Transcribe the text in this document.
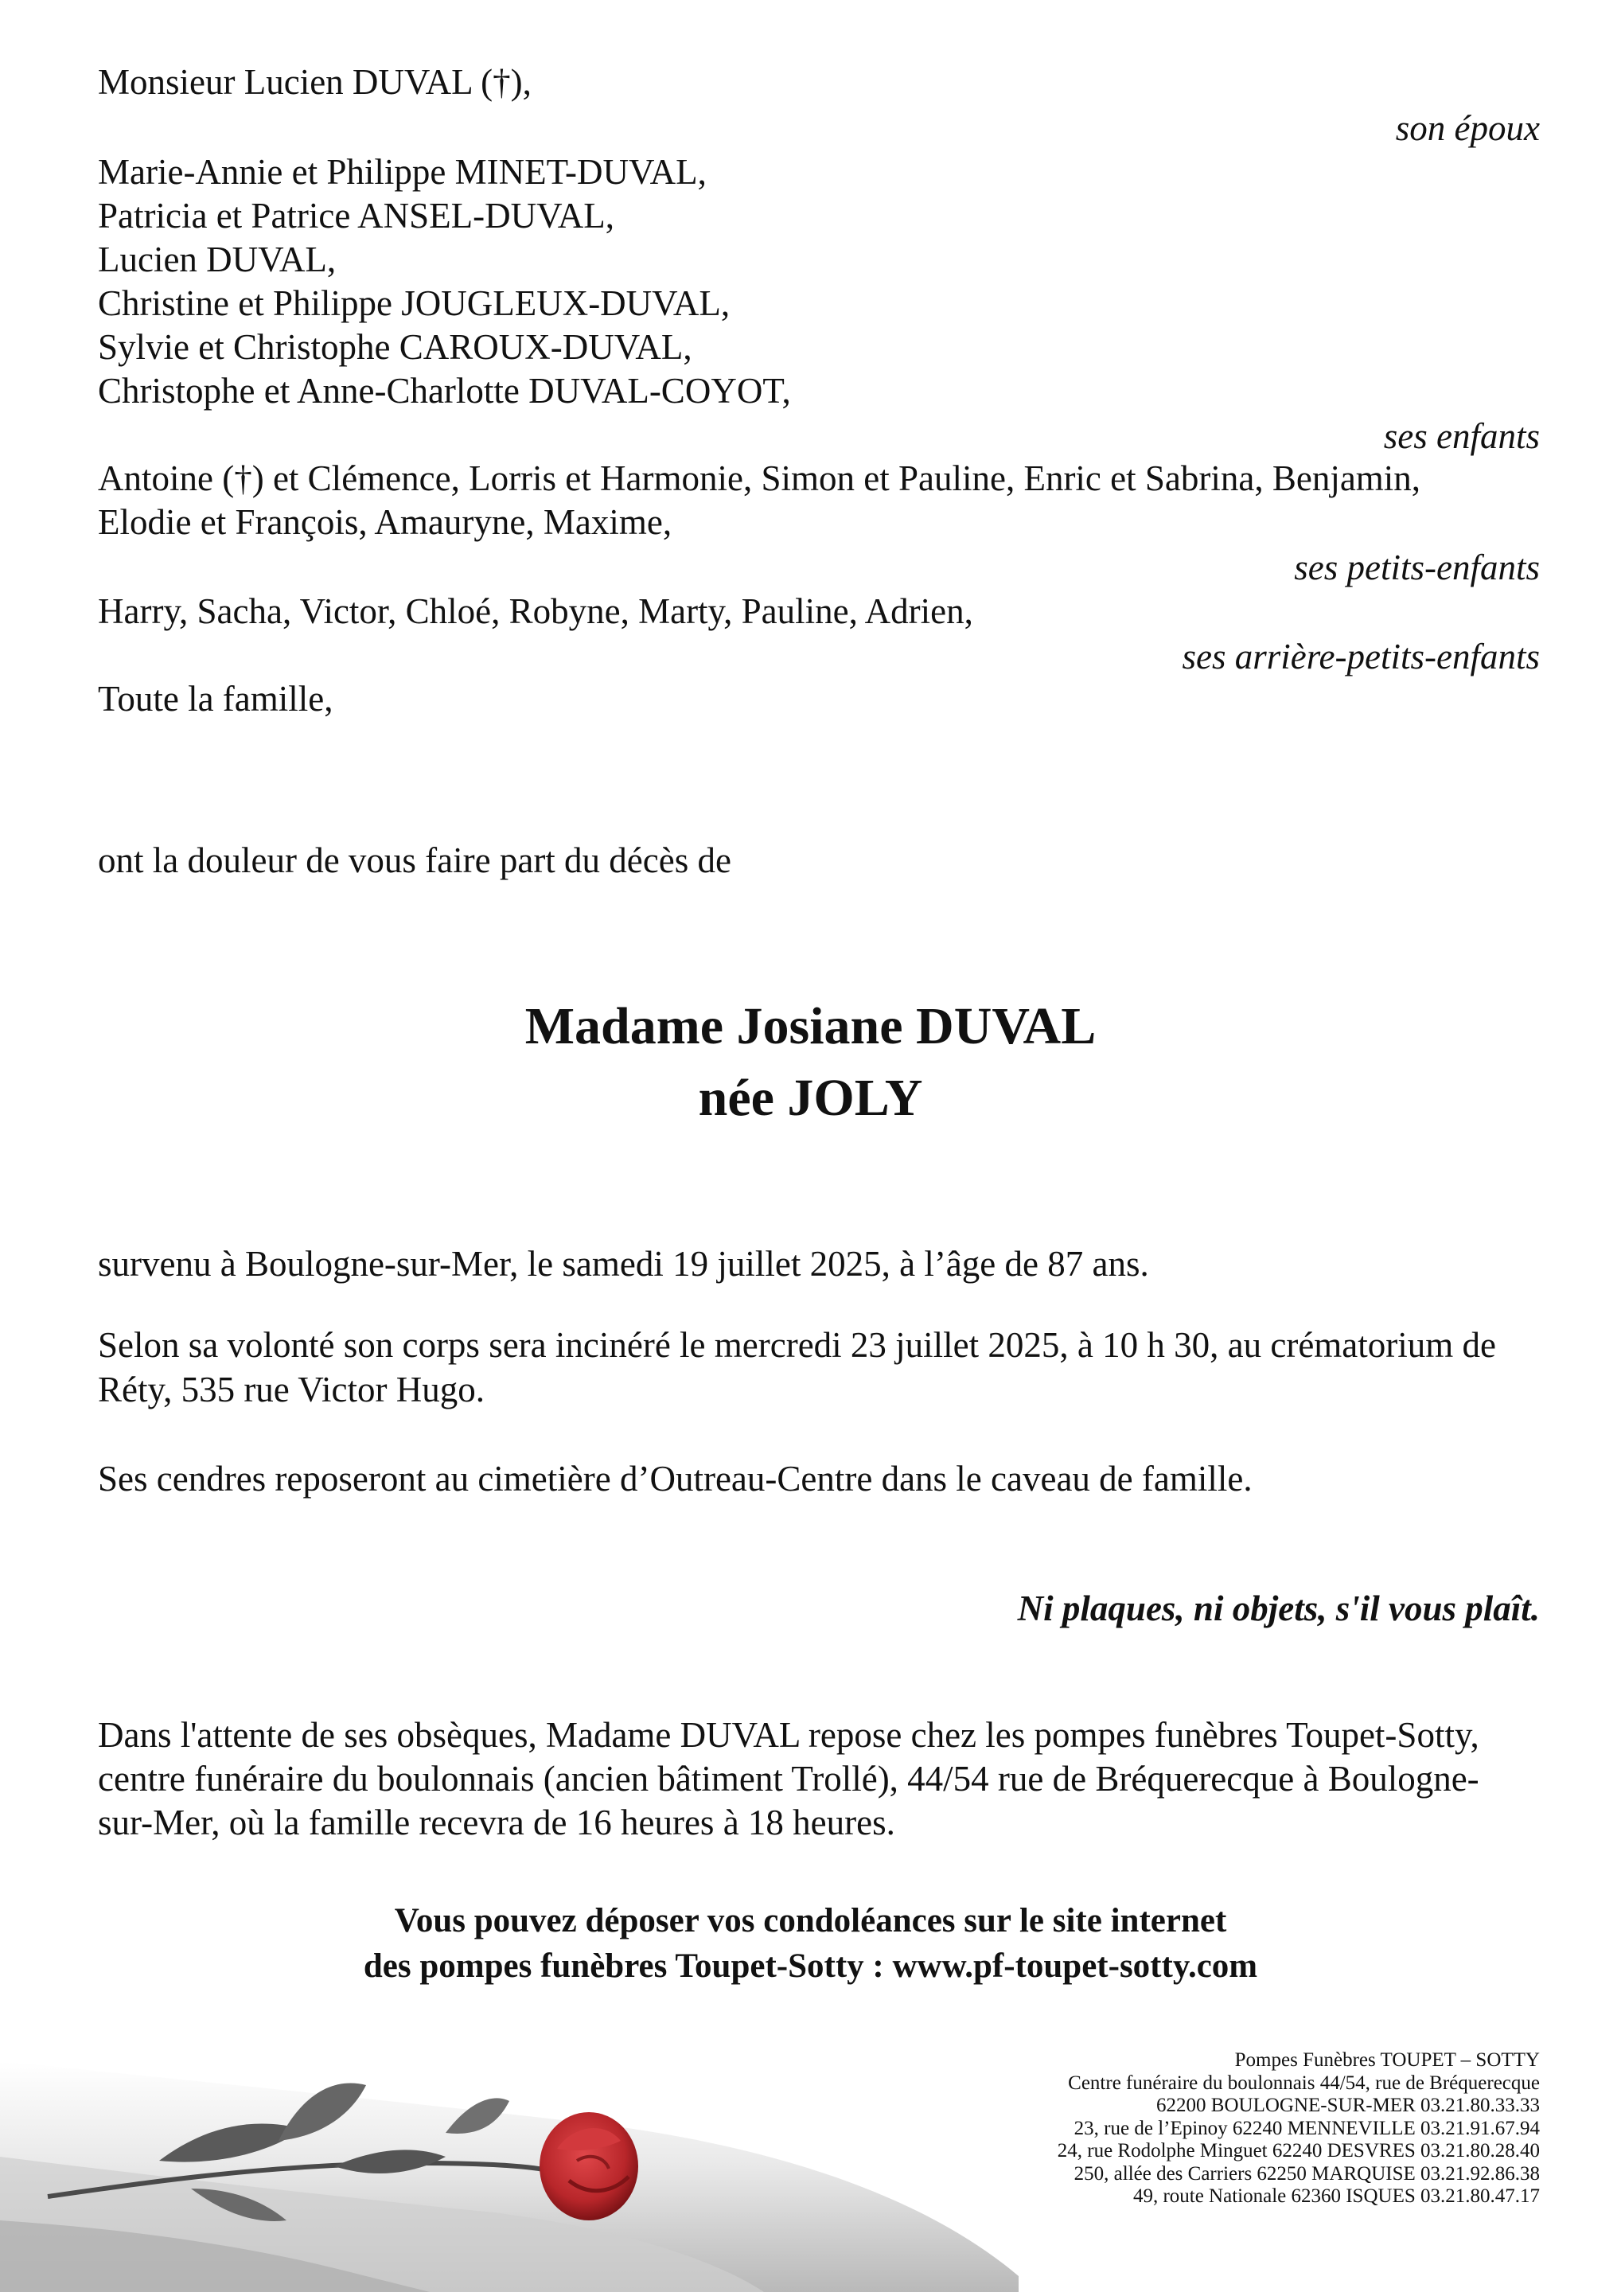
Monsieur Lucien DUVAL (†),
son époux
Marie-Annie et Philippe MINET-DUVAL,
Patricia et Patrice ANSEL-DUVAL,
Lucien DUVAL,
Christine et Philippe JOUGLEUX-DUVAL,
Sylvie et Christophe CAROUX-DUVAL,
Christophe et Anne-Charlotte DUVAL-COYOT,
ses enfants
Antoine (†) et Clémence, Lorris et Harmonie, Simon et Pauline, Enric et Sabrina, Benjamin,
Elodie et François, Amauryne, Maxime,
ses petits-enfants
Harry, Sacha, Victor, Chloé, Robyne, Marty, Pauline, Adrien,
ses arrière-petits-enfants
Toute la famille,
ont la douleur de vous faire part du décès de
Madame Josiane DUVAL
née JOLY
survenu à Boulogne-sur-Mer, le samedi 19 juillet 2025, à l’âge de 87 ans.
Selon sa volonté son corps sera incinéré le mercredi 23 juillet 2025, à 10 h 30, au crématorium de Réty, 535 rue Victor Hugo.
Ses cendres reposeront au cimetière d’Outreau-Centre dans le caveau de famille.
Ni plaques, ni objets, s'il vous plaît.
Dans l'attente de ses obsèques, Madame DUVAL repose chez les pompes funèbres Toupet-Sotty, centre funéraire du boulonnais (ancien bâtiment Trollé), 44/54 rue de Bréquerecque à Boulogne-sur-Mer, où la famille recevra de 16 heures à 18 heures.
Vous pouvez déposer vos condoléances sur le site internet
des pompes funèbres Toupet-Sotty : www.pf-toupet-sotty.com
Pompes Funèbres TOUPET – SOTTY
Centre funéraire du boulonnais 44/54, rue de Bréquerecque
62200 BOULOGNE-SUR-MER 03.21.80.33.33
23, rue de l’Epinoy 62240 MENNEVILLE 03.21.91.67.94
24, rue Rodolphe Minguet 62240 DESVRES 03.21.80.28.40
250, allée des Carriers 62250 MARQUISE 03.21.92.86.38
49, route Nationale 62360 ISQUES 03.21.80.47.17
